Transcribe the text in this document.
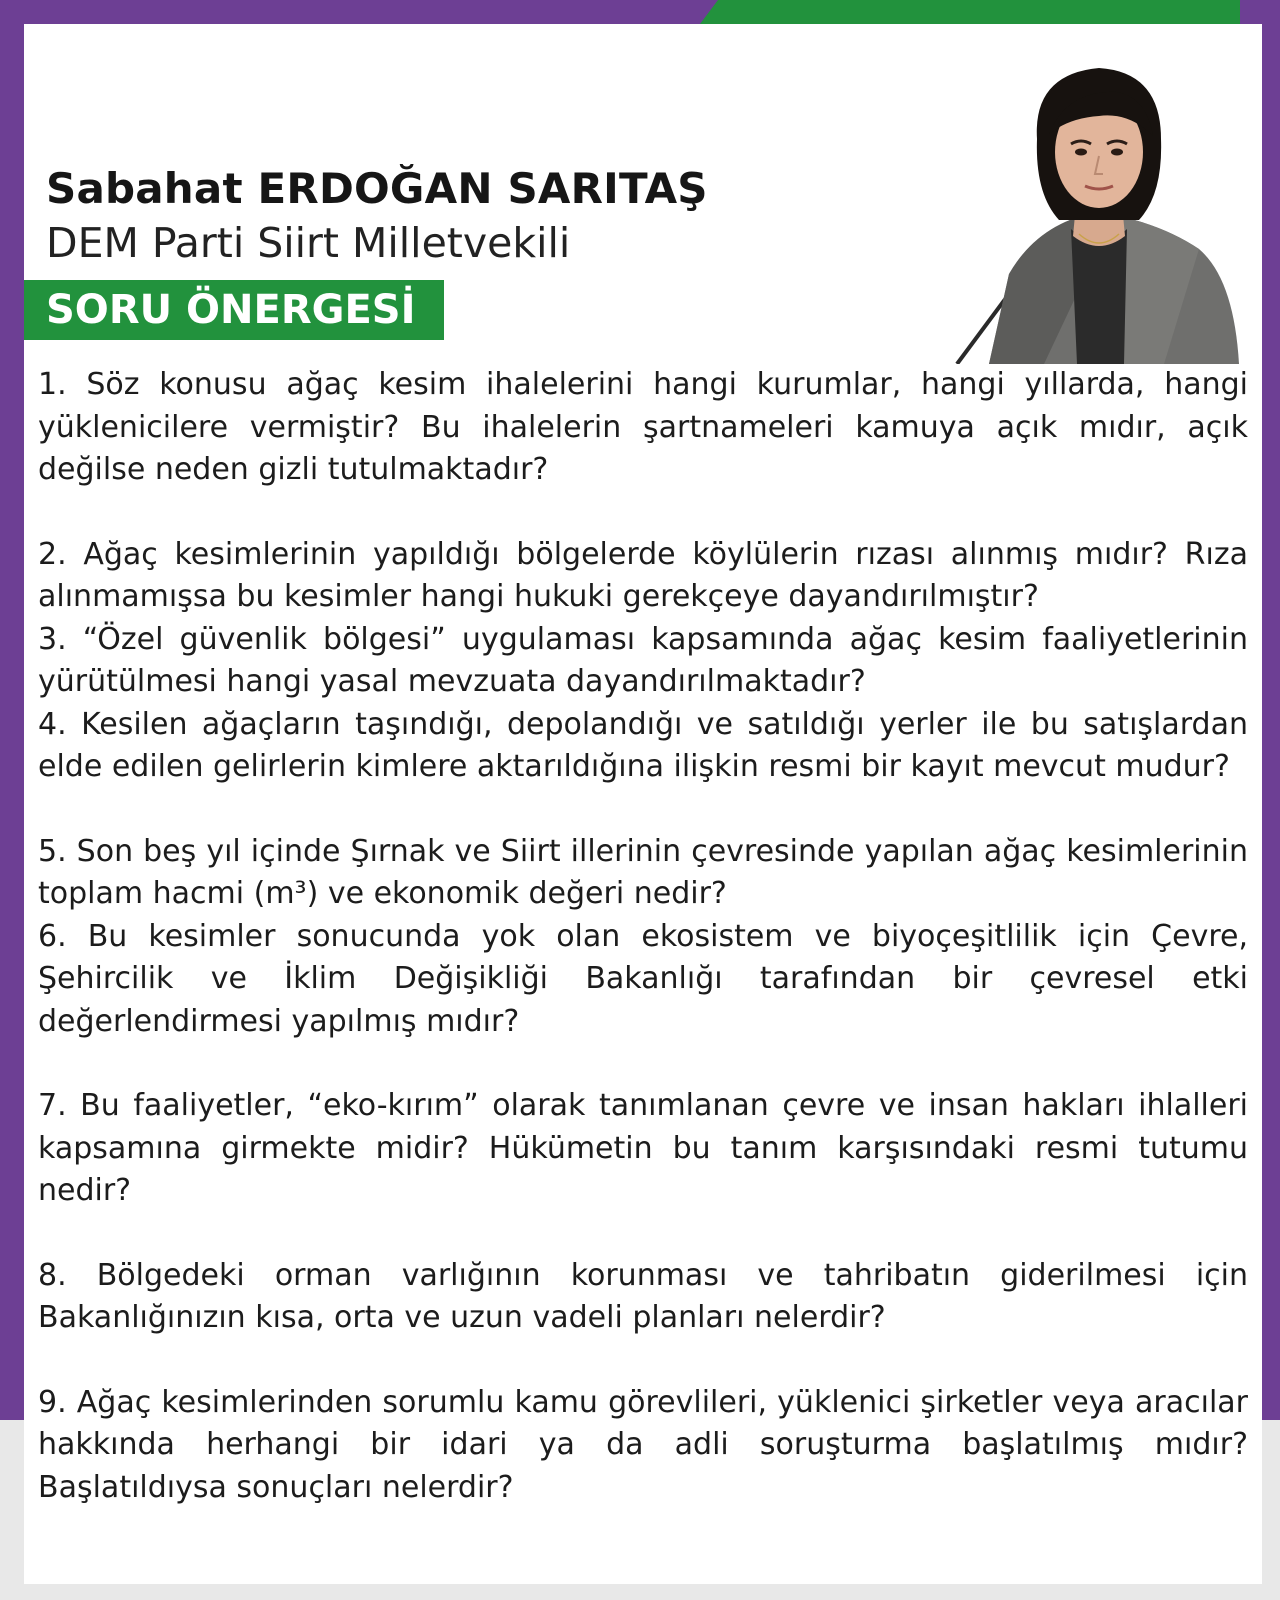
Sabahat ERDOĞAN SARITAŞ
DEM Parti Siirt Milletvekili
SORU ÖNERGESİ

1. Söz konusu ağaç kesim ihalelerini hangi kurumlar, hangi yıllarda, hangi yüklenicilere vermiştir? Bu ihalelerin şartnameleri kamuya açık mıdır, açık değilse neden gizli tutulmaktadır?

2. Ağaç kesimlerinin yapıldığı bölgelerde köylülerin rızası alınmış mıdır? Rıza alınmamışsa bu kesimler hangi hukuki gerekçeye dayandırılmıştır?

3. “Özel güvenlik bölgesi” uygulaması kapsamında ağaç kesim faaliyetlerinin yürütülmesi hangi yasal mevzuata dayandırılmaktadır?

4. Kesilen ağaçların taşındığı, depolandığı ve satıldığı yerler ile bu satışlardan elde edilen gelirlerin kimlere aktarıldığına ilişkin resmi bir kayıt mevcut mudur?

5. Son beş yıl içinde Şırnak ve Siirt illerinin çevresinde yapılan ağaç kesimlerinin toplam hacmi (m³) ve ekonomik değeri nedir?

6. Bu kesimler sonucunda yok olan ekosistem ve biyoçeşitlilik için Çevre, Şehircilik ve İklim Değişikliği Bakanlığı tarafından bir çevresel etki değerlendirmesi yapılmış mıdır?

7. Bu faaliyetler, “eko-kırım” olarak tanımlanan çevre ve insan hakları ihlalleri kapsamına girmekte midir? Hükümetin bu tanım karşısındaki resmi tutumu nedir?

8. Bölgedeki orman varlığının korunması ve tahribatın giderilmesi için Bakanlığınızın kısa, orta ve uzun vadeli planları nelerdir?

9. Ağaç kesimlerinden sorumlu kamu görevlileri, yüklenici şirketler veya aracılar hakkında herhangi bir idari ya da adli soruşturma başlatılmış mıdır? Başlatıldıysa sonuçları nelerdir?
